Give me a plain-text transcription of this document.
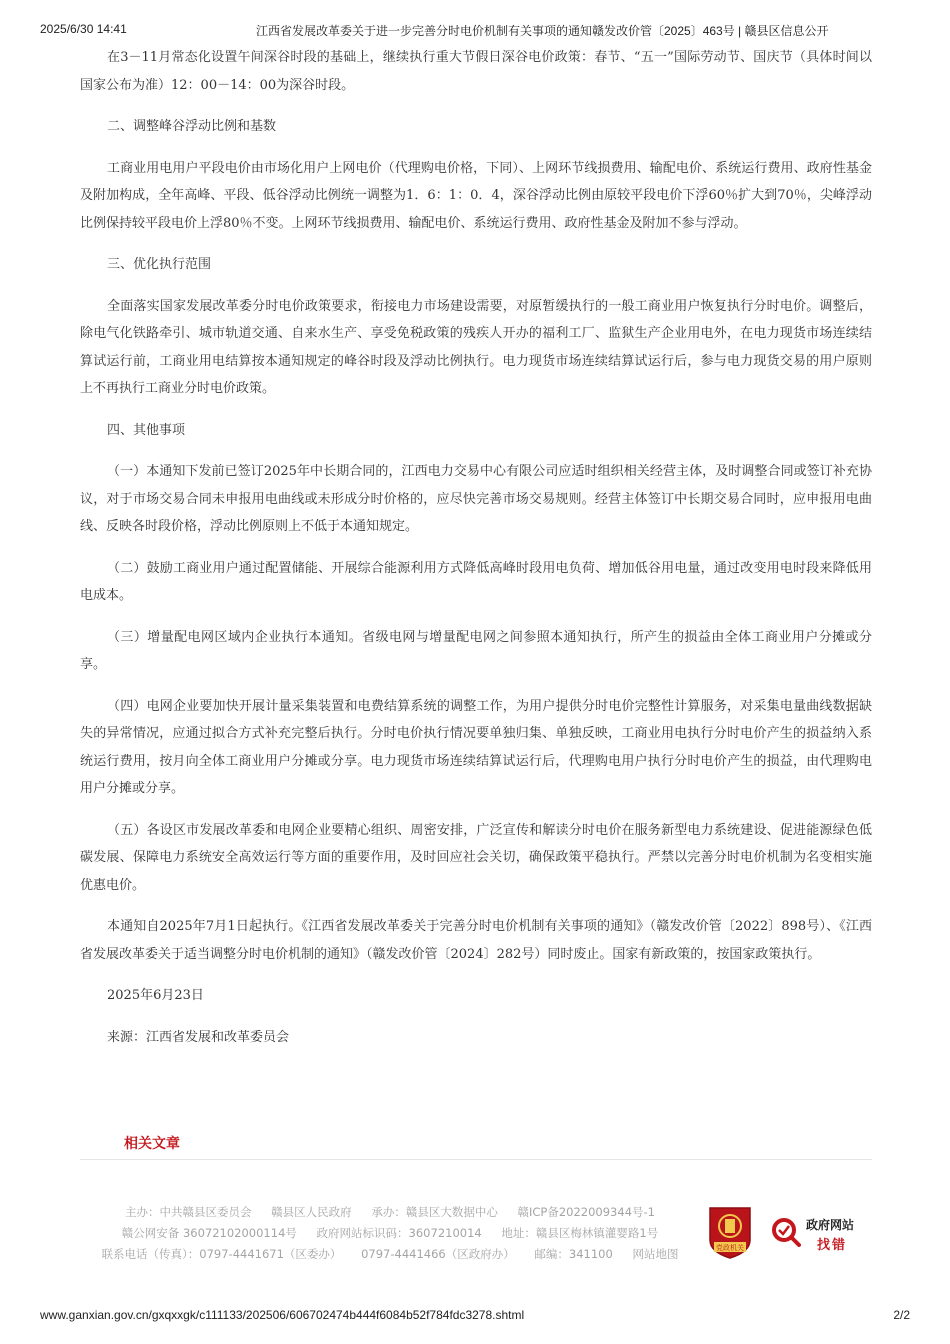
2025/6/30 14:41	江西省发展改革委关于进一步完善分时电价机制有关事项的通知赣发改价管〔2025〕463号 | 赣县区信息公开

在3－11月常态化设置午间深谷时段的基础上，继续执行重大节假日深谷电价政策：春节、“五一”国际劳动节、国庆节（具体时间以国家公布为准）12：00－14：00为深谷时段。

二、调整峰谷浮动比例和基数

工商业用电用户平段电价由市场化用户上网电价（代理购电价格，下同）、上网环节线损费用、输配电价、系统运行费用、政府性基金及附加构成，全年高峰、平段、低谷浮动比例统一调整为1．6：1：0．4，深谷浮动比例由原较平段电价下浮60％扩大到70％，尖峰浮动比例保持较平段电价上浮80％不变。上网环节线损费用、输配电价、系统运行费用、政府性基金及附加不参与浮动。

三、优化执行范围

全面落实国家发展改革委分时电价政策要求，衔接电力市场建设需要，对原暂缓执行的一般工商业用户恢复执行分时电价。调整后，除电气化铁路牵引、城市轨道交通、自来水生产、享受免税政策的残疾人开办的福利工厂、监狱生产企业用电外，在电力现货市场连续结算试运行前，工商业用电结算按本通知规定的峰谷时段及浮动比例执行。电力现货市场连续结算试运行后，参与电力现货交易的用户原则上不再执行工商业分时电价政策。

四、其他事项

（一）本通知下发前已签订2025年中长期合同的，江西电力交易中心有限公司应适时组织相关经营主体，及时调整合同或签订补充协议，对于市场交易合同未申报用电曲线或未形成分时价格的，应尽快完善市场交易规则。经营主体签订中长期交易合同时，应申报用电曲线、反映各时段价格，浮动比例原则上不低于本通知规定。

（二）鼓励工商业用户通过配置储能、开展综合能源利用方式降低高峰时段用电负荷、增加低谷用电量，通过改变用电时段来降低用电成本。

（三）增量配电网区域内企业执行本通知。省级电网与增量配电网之间参照本通知执行，所产生的损益由全体工商业用户分摊或分享。

（四）电网企业要加快开展计量采集装置和电费结算系统的调整工作，为用户提供分时电价完整性计算服务，对采集电量曲线数据缺失的异常情况，应通过拟合方式补充完整后执行。分时电价执行情况要单独归集、单独反映，工商业用电执行分时电价产生的损益纳入系统运行费用，按月向全体工商业用户分摊或分享。电力现货市场连续结算试运行后，代理购电用户执行分时电价产生的损益，由代理购电用户分摊或分享。

（五）各设区市发展改革委和电网企业要精心组织、周密安排，广泛宣传和解读分时电价在服务新型电力系统建设、促进能源绿色低碳发展、保障电力系统安全高效运行等方面的重要作用，及时回应社会关切，确保政策平稳执行。严禁以完善分时电价机制为名变相实施优惠电价。

本通知自2025年7月1日起执行。《江西省发展改革委关于完善分时电价机制有关事项的通知》（赣发改价管〔2022〕898号）、《江西省发展改革委关于适当调整分时电价机制的通知》（赣发改价管〔2024〕282号）同时废止。国家有新政策的，按国家政策执行。

2025年6月23日

来源：江西省发展和改革委员会

相关文章
主办：中共赣县区委员会 赣县区人民政府 承办：赣县区大数据中心 赣ICP备2022009344号-1
赣公网安备 36072102000114号 政府网站标识码：3607210014 地址：赣县区梅林镇灌婴路1号
联系电话（传真）：0797-4441671（区委办） 0797-4441466（区政府办） 邮编：341100 网站地图	党政机关
政府网站
找错
www.ganxian.gov.cn/gxqxxgk/c111133/202506/606702474b444f6084b52f784fdc3278.shtml	2/2
